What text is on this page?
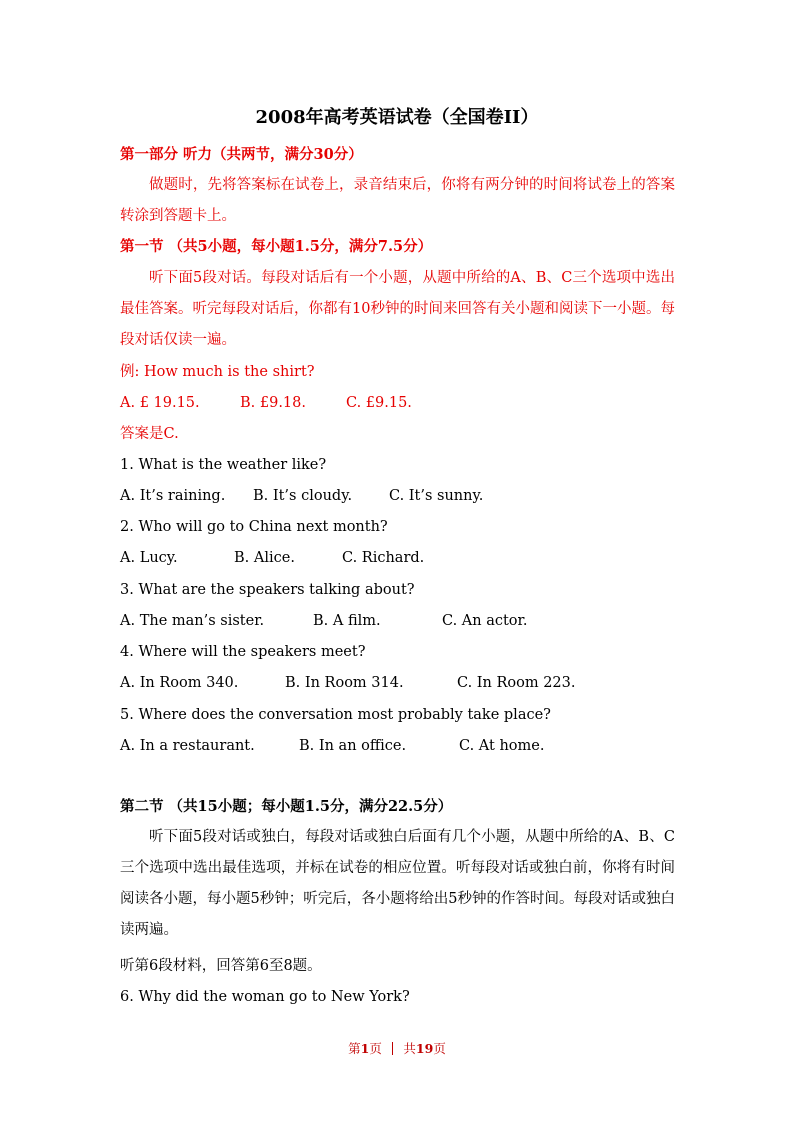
2008年高考英语试卷（全国卷II）
第一部分 听力（共两节，满分30分）
做题时，先将答案标在试卷上，录音结束后，你将有两分钟的时间将试卷上的答案转涂到答题卡上。
第一节 （共5小题，每小题1.5分，满分7.5分）
听下面5段对话。每段对话后有一个小题，从题中所给的A、B、C三个选项中选出最佳答案。听完每段对话后，你都有10秒钟的时间来回答有关小题和阅读下一小题。每段对话仅读一遍。
例: How much is the shirt?
A. £ 19.15.	B. £9.18.	C. £9.15.
答案是C.
1. What is the weather like?
A. It’s raining. B. It’s cloudy.	C. It’s sunny.
2. Who will go to China next month?
A. Lucy.	B. Alice.	C. Richard.
3. What are the speakers talking about?
A. The man’s sister.	B. A film.	C. An actor.
4. Where will the speakers meet?
A. In Room 340.	B. In Room 314.	C. In Room 223.
5. Where does the conversation most probably take place?
A. In a restaurant.	B. In an office.	C. At home.
第二节 （共15小题；每小题1.5分，满分22.5分）
听下面5段对话或独白，每段对话或独白后面有几个小题，从题中所给的A、B、C三个选项中选出最佳选项，并标在试卷的相应位置。听每段对话或独白前，你将有时间阅读各小题，每小题5秒钟；听完后，各小题将给出5秒钟的作答时间。每段对话或独白读两遍。
听第6段材料，回答第6至8题。
6. Why did the woman go to New York?
第1页 共19页
